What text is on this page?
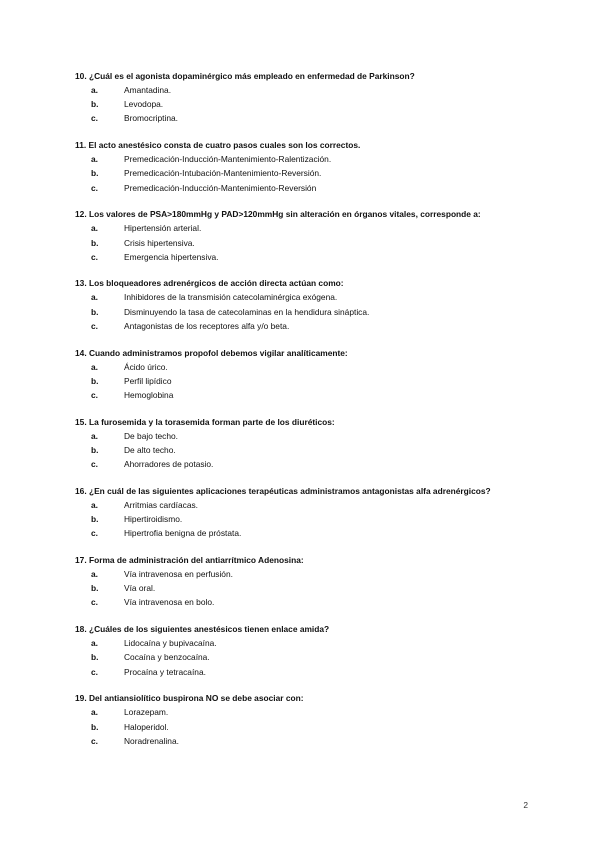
10. ¿Cuál es el agonista dopaminérgico más empleado en enfermedad de Parkinson?
a.	Amantadina.
b.	Levodopa.
c.	Bromocriptina.
11. El acto anestésico consta de cuatro pasos cuales son los correctos.
a.	Premedicación-Inducción-Mantenimiento-Ralentización.
b.	Premedicación-Intubación-Mantenimiento-Reversión.
c.	Premedicación-Inducción-Mantenimiento-Reversión
12. Los valores de PSA>180mmHg y PAD>120mmHg sin alteración en órganos vitales, corresponde a:
a.	Hipertensión arterial.
b.	Crisis hipertensiva.
c.	Emergencia hipertensiva.
13. Los bloqueadores adrenérgicos de acción directa actúan como:
a.	Inhibidores de la transmisión catecolaminérgica exógena.
b.	Disminuyendo la tasa de catecolaminas en la hendidura sináptica.
c.	Antagonistas de los receptores alfa y/o beta.
14. Cuando administramos propofol debemos vigilar analíticamente:
a.	Ácido úrico.
b.	Perfil lipídico
c.	Hemoglobina
15. La furosemida y la torasemida forman parte de los diuréticos:
a.	De bajo techo.
b.	De alto techo.
c.	Ahorradores de potasio.
16. ¿En cuál de las siguientes aplicaciones terapéuticas administramos antagonistas alfa adrenérgicos?
a.	Arritmias cardíacas.
b.	Hipertiroidismo.
c.	Hipertrofia benigna de próstata.
17. Forma de administración del antiarrítmico Adenosina:
a.	Vía intravenosa en perfusión.
b.	Vía oral.
c.	Vía intravenosa en bolo.
18. ¿Cuáles de los siguientes anestésicos tienen enlace amida?
a.	Lidocaína y bupivacaína.
b.	Cocaína y benzocaína.
c.	Procaína y tetracaína.
19. Del antiansiolítico buspirona NO se debe asociar con:
a.	Lorazepam.
b.	Haloperidol.
c.	Noradrenalina.
2
